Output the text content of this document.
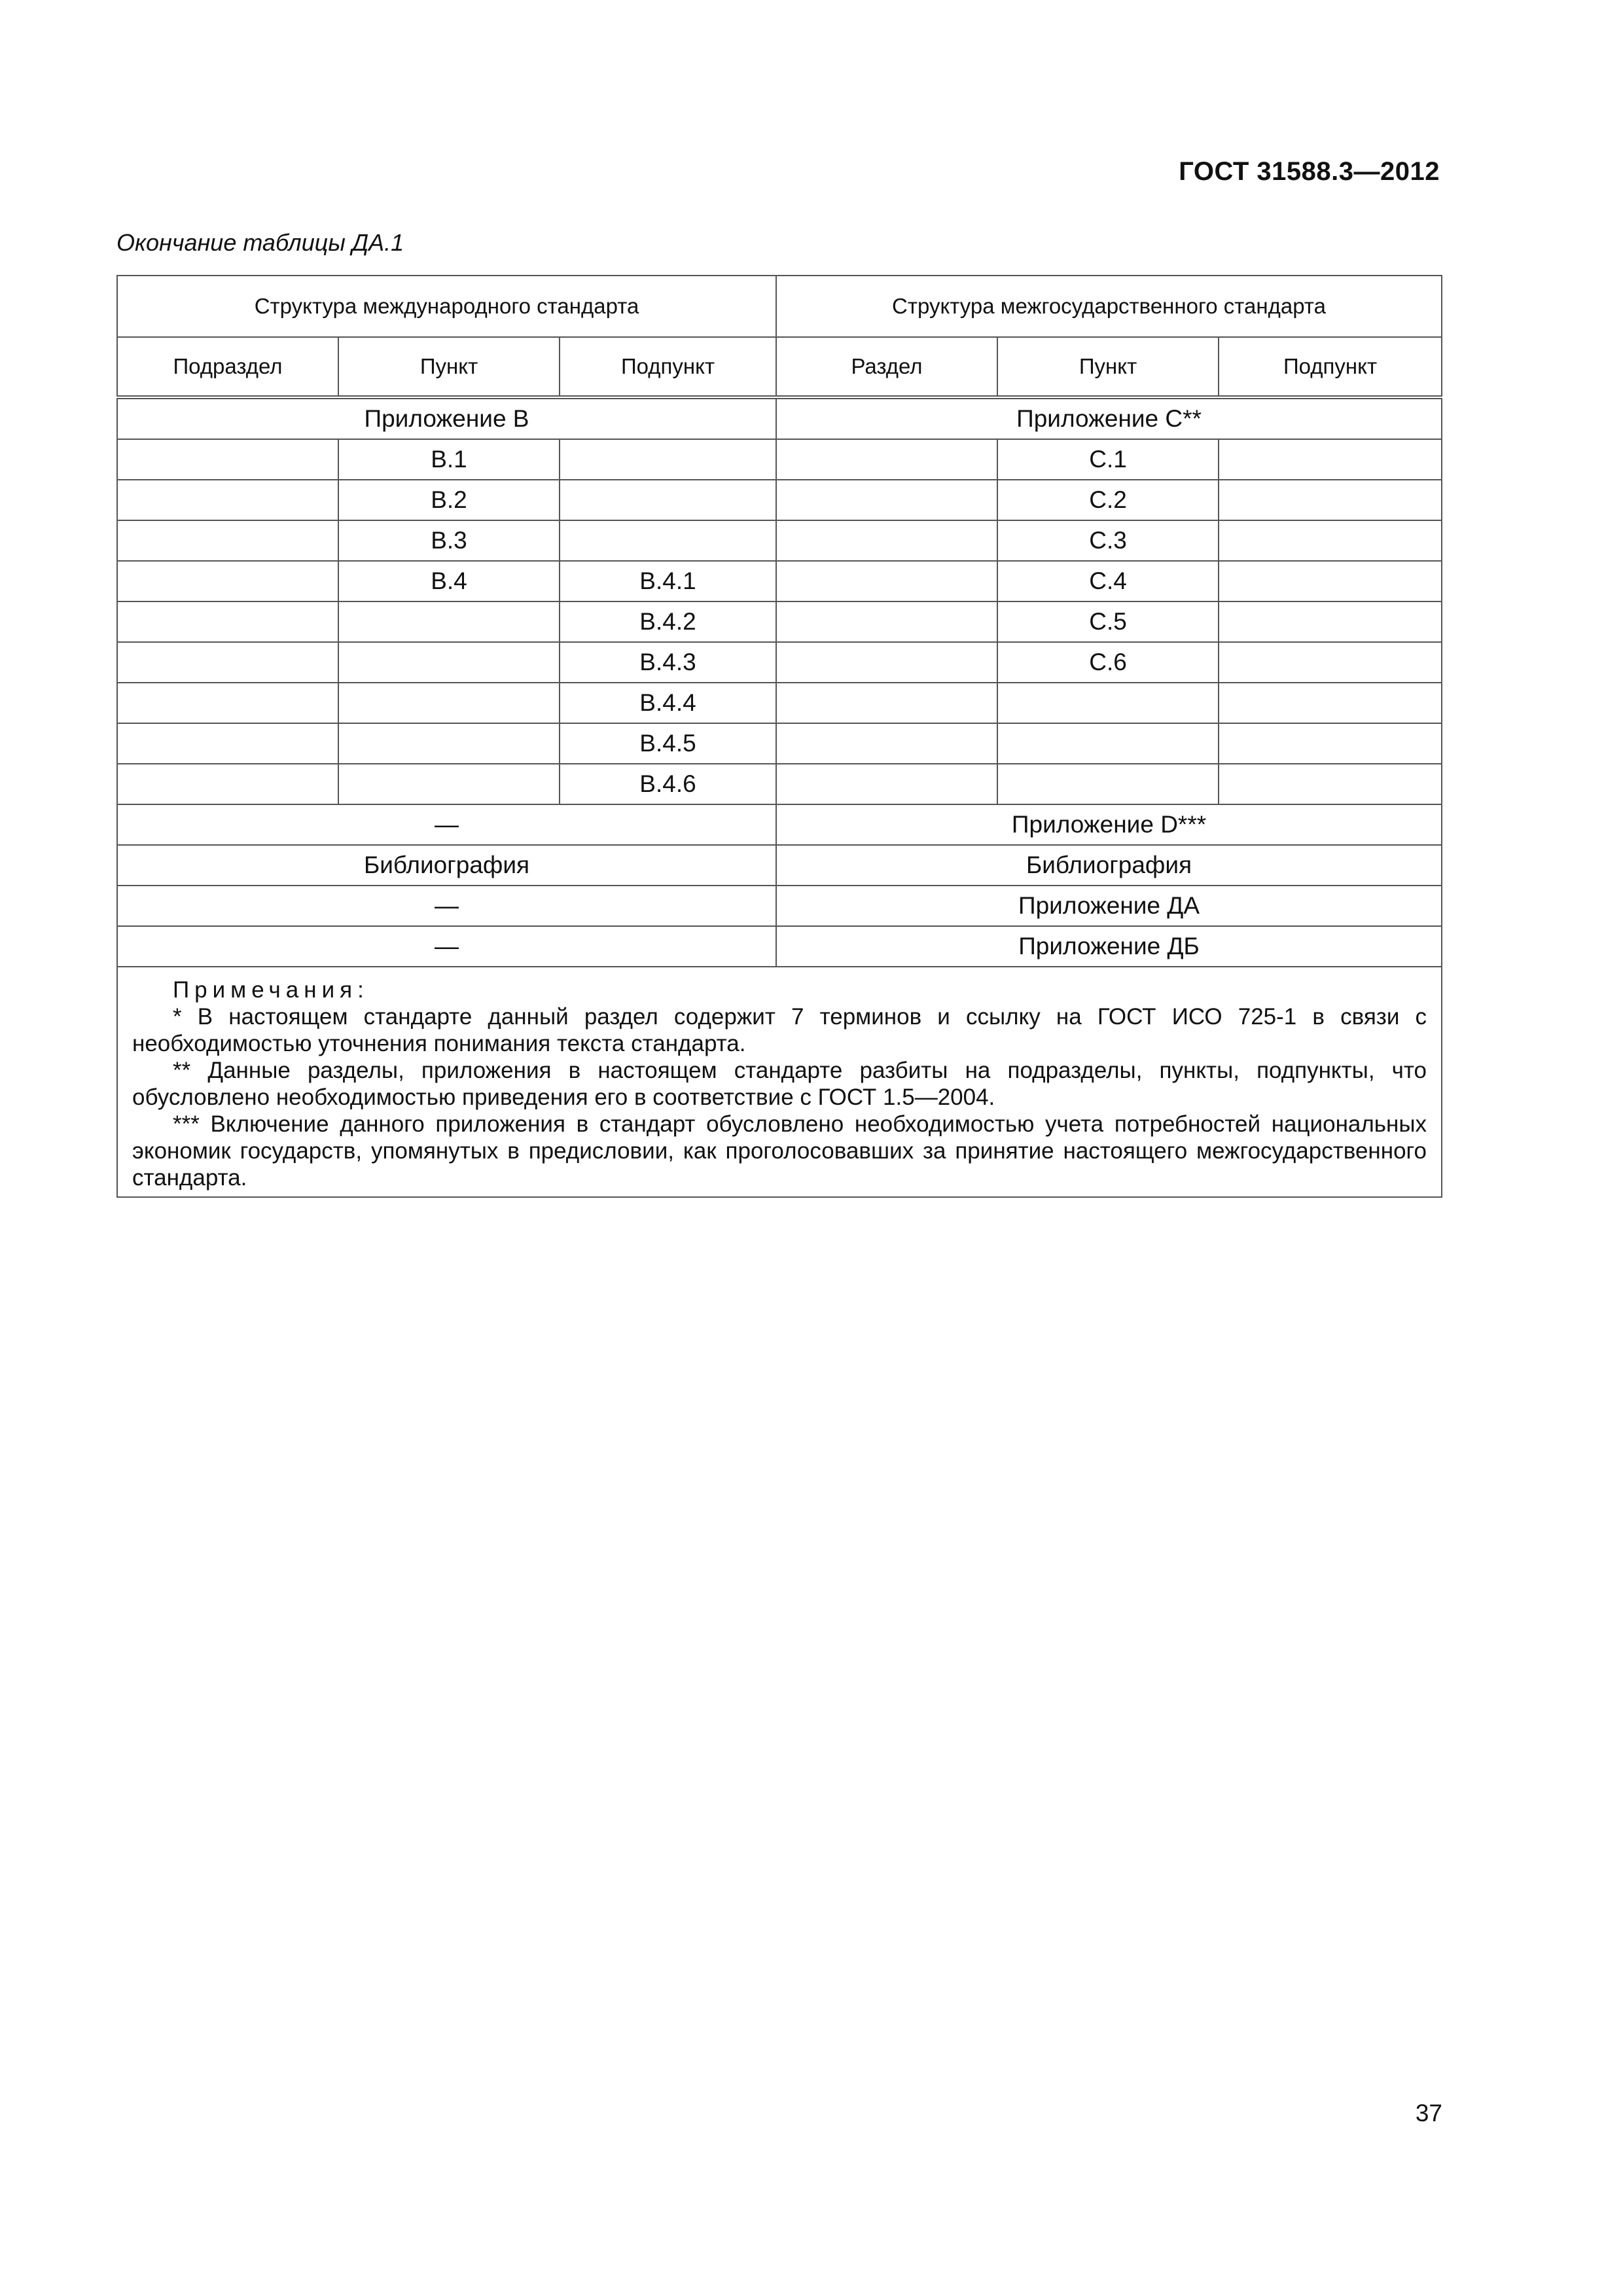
ГОСТ 31588.3—2012
Окончание таблицы ДА.1
Структура международного стандарта			Структура межгосударственного стандарта		
Подраздел	Пункт	Подпункт	Раздел	Пункт	Подпункт
Приложение В			Приложение С**		
	В.1			С.1	
	В.2			С.2	
	В.3			С.3	
	В.4	В.4.1		С.4	
		В.4.2		С.5	
		В.4.3		С.6	
		В.4.4			
		В.4.5			
		В.4.6			
—			Приложение D***		
Библиография			Библиография		
—			Приложение ДА		
—			Приложение ДБ		

Примечания:
* В настоящем стандарте данный раздел содержит 7 терминов и ссылку на ГОСТ ИСО 725-1 в связи с необходимостью уточнения понимания текста стандарта.
** Данные разделы, приложения в настоящем стандарте разбиты на подразделы, пункты, подпункты, что обусловлено необходимостью приведения его в соответствие с ГОСТ 1.5—2004.
*** Включение данного приложения в стандарт обусловлено необходимостью учета потребностей национальных экономик государств, упомянутых в предисловии, как проголосовавших за принятие настоящего межгосударственного стандарта.					
37
